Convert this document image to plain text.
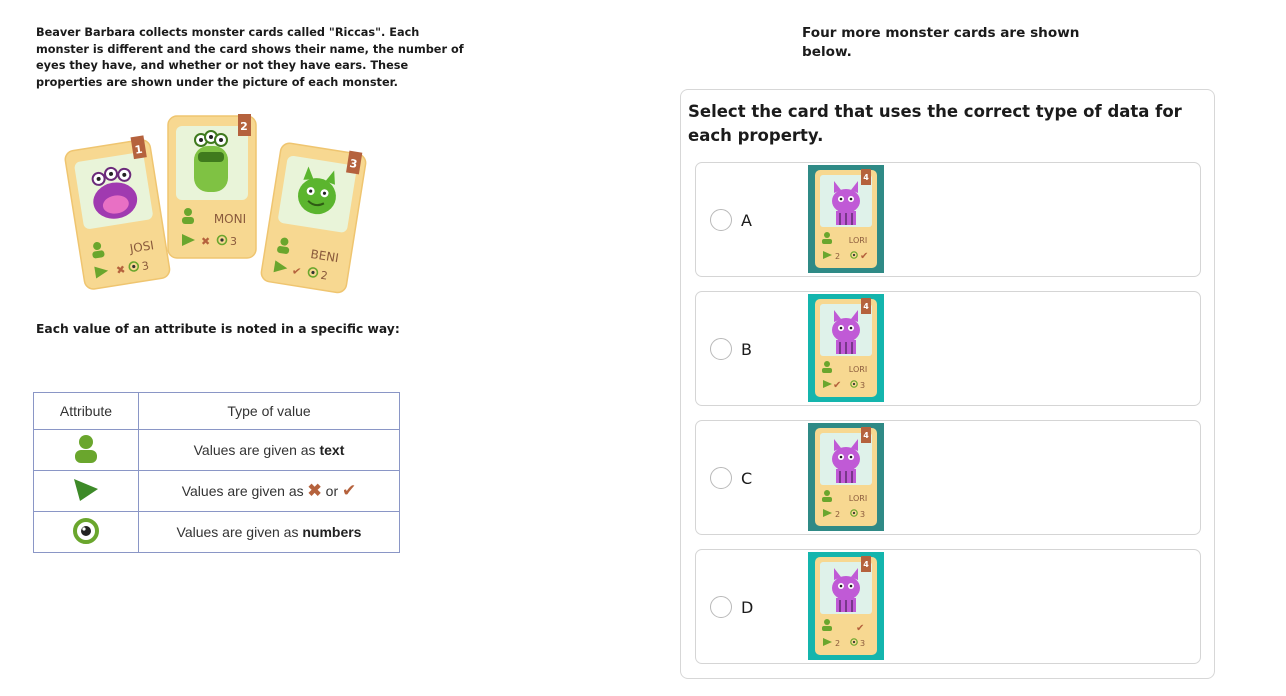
Beaver Barbara collects monster cards called "Riccas". Each monster is different and the card shows their name, the number of eyes they have, and whether or not they have ears. These properties are shown under the picture of each monster.
1
JOSI
✖ 3
2
MONI
✖ 3
3
BENI
✔ 2
Each value of an attribute is noted in a specific way:
Attribute	Type of value
	Values are given as text
	Values are given as ✖ or ✔
	Values are given as numbers
Four more monster cards are shown below.
Select the card that uses the correct type of data for each property.
A
4
LORI
2 ✔
B
4
LORI
✔ 3
C
4
LORI
2 3
D
4
✔
2 3
